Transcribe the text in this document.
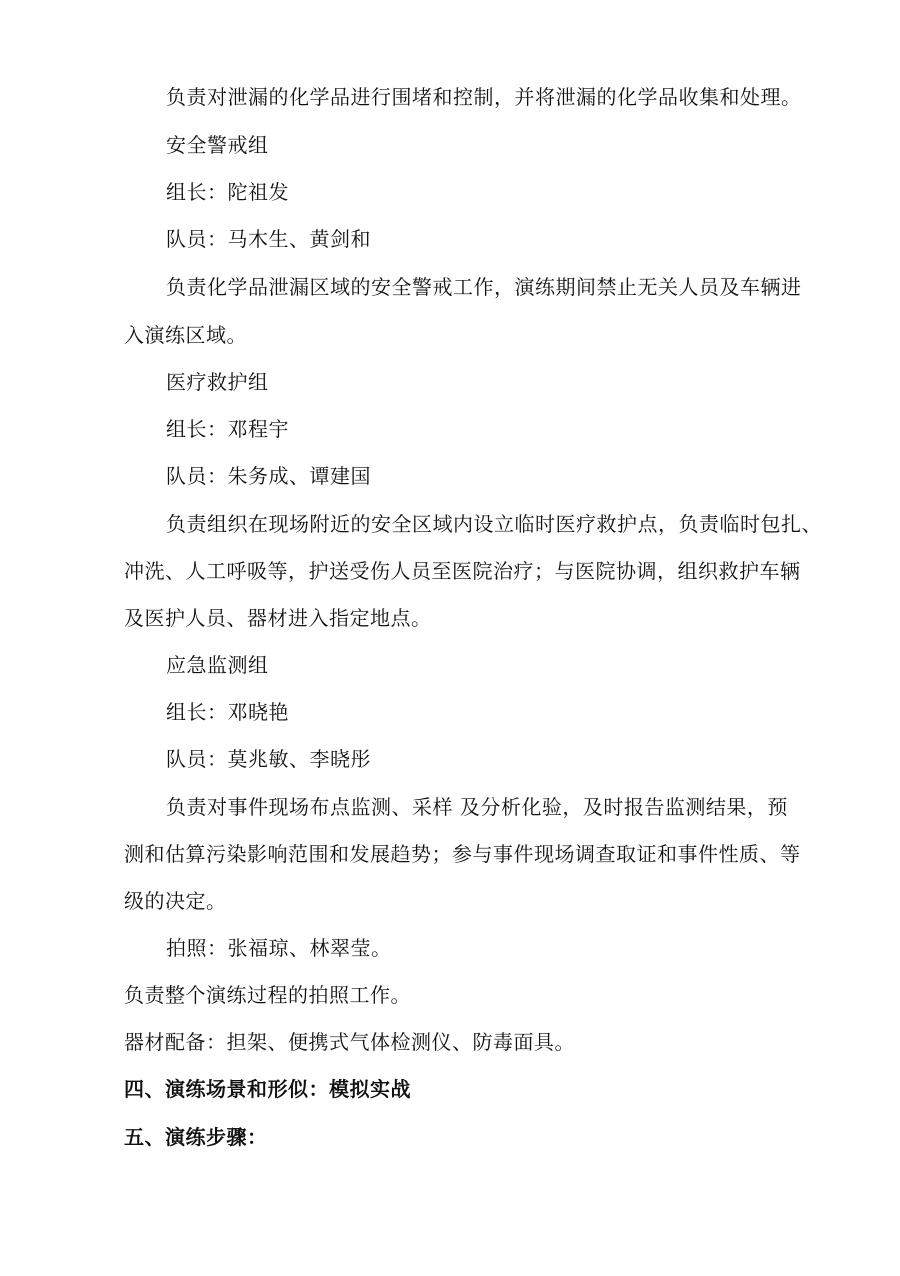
负责对泄漏的化学品进行围堵和控制，并将泄漏的化学品收集和处理。
安全警戒组
组长：陀祖发
队员：马木生、黄剑和
负责化学品泄漏区域的安全警戒工作，演练期间禁止无关人员及车辆进
入演练区域。
医疗救护组
组长：邓程宇
队员：朱务成、谭建国
负责组织在现场附近的安全区域内设立临时医疗救护点，负责临时包扎、
冲洗、人工呼吸等，护送受伤人员至医院治疗；与医院协调，组织救护车辆
及医护人员、器材进入指定地点。
应急监测组
组长：邓晓艳
队员：莫兆敏、李晓彤
负责对事件现场布点监测、采样 及分析化验，及时报告监测结果，预
测和估算污染影响范围和发展趋势；参与事件现场调查取证和事件性质、等
级的决定。
拍照：张福琼、林翠莹。
负责整个演练过程的拍照工作。
器材配备：担架、便携式气体检测仪、防毒面具。
四、演练场景和形似：模拟实战
五、演练步骤：
